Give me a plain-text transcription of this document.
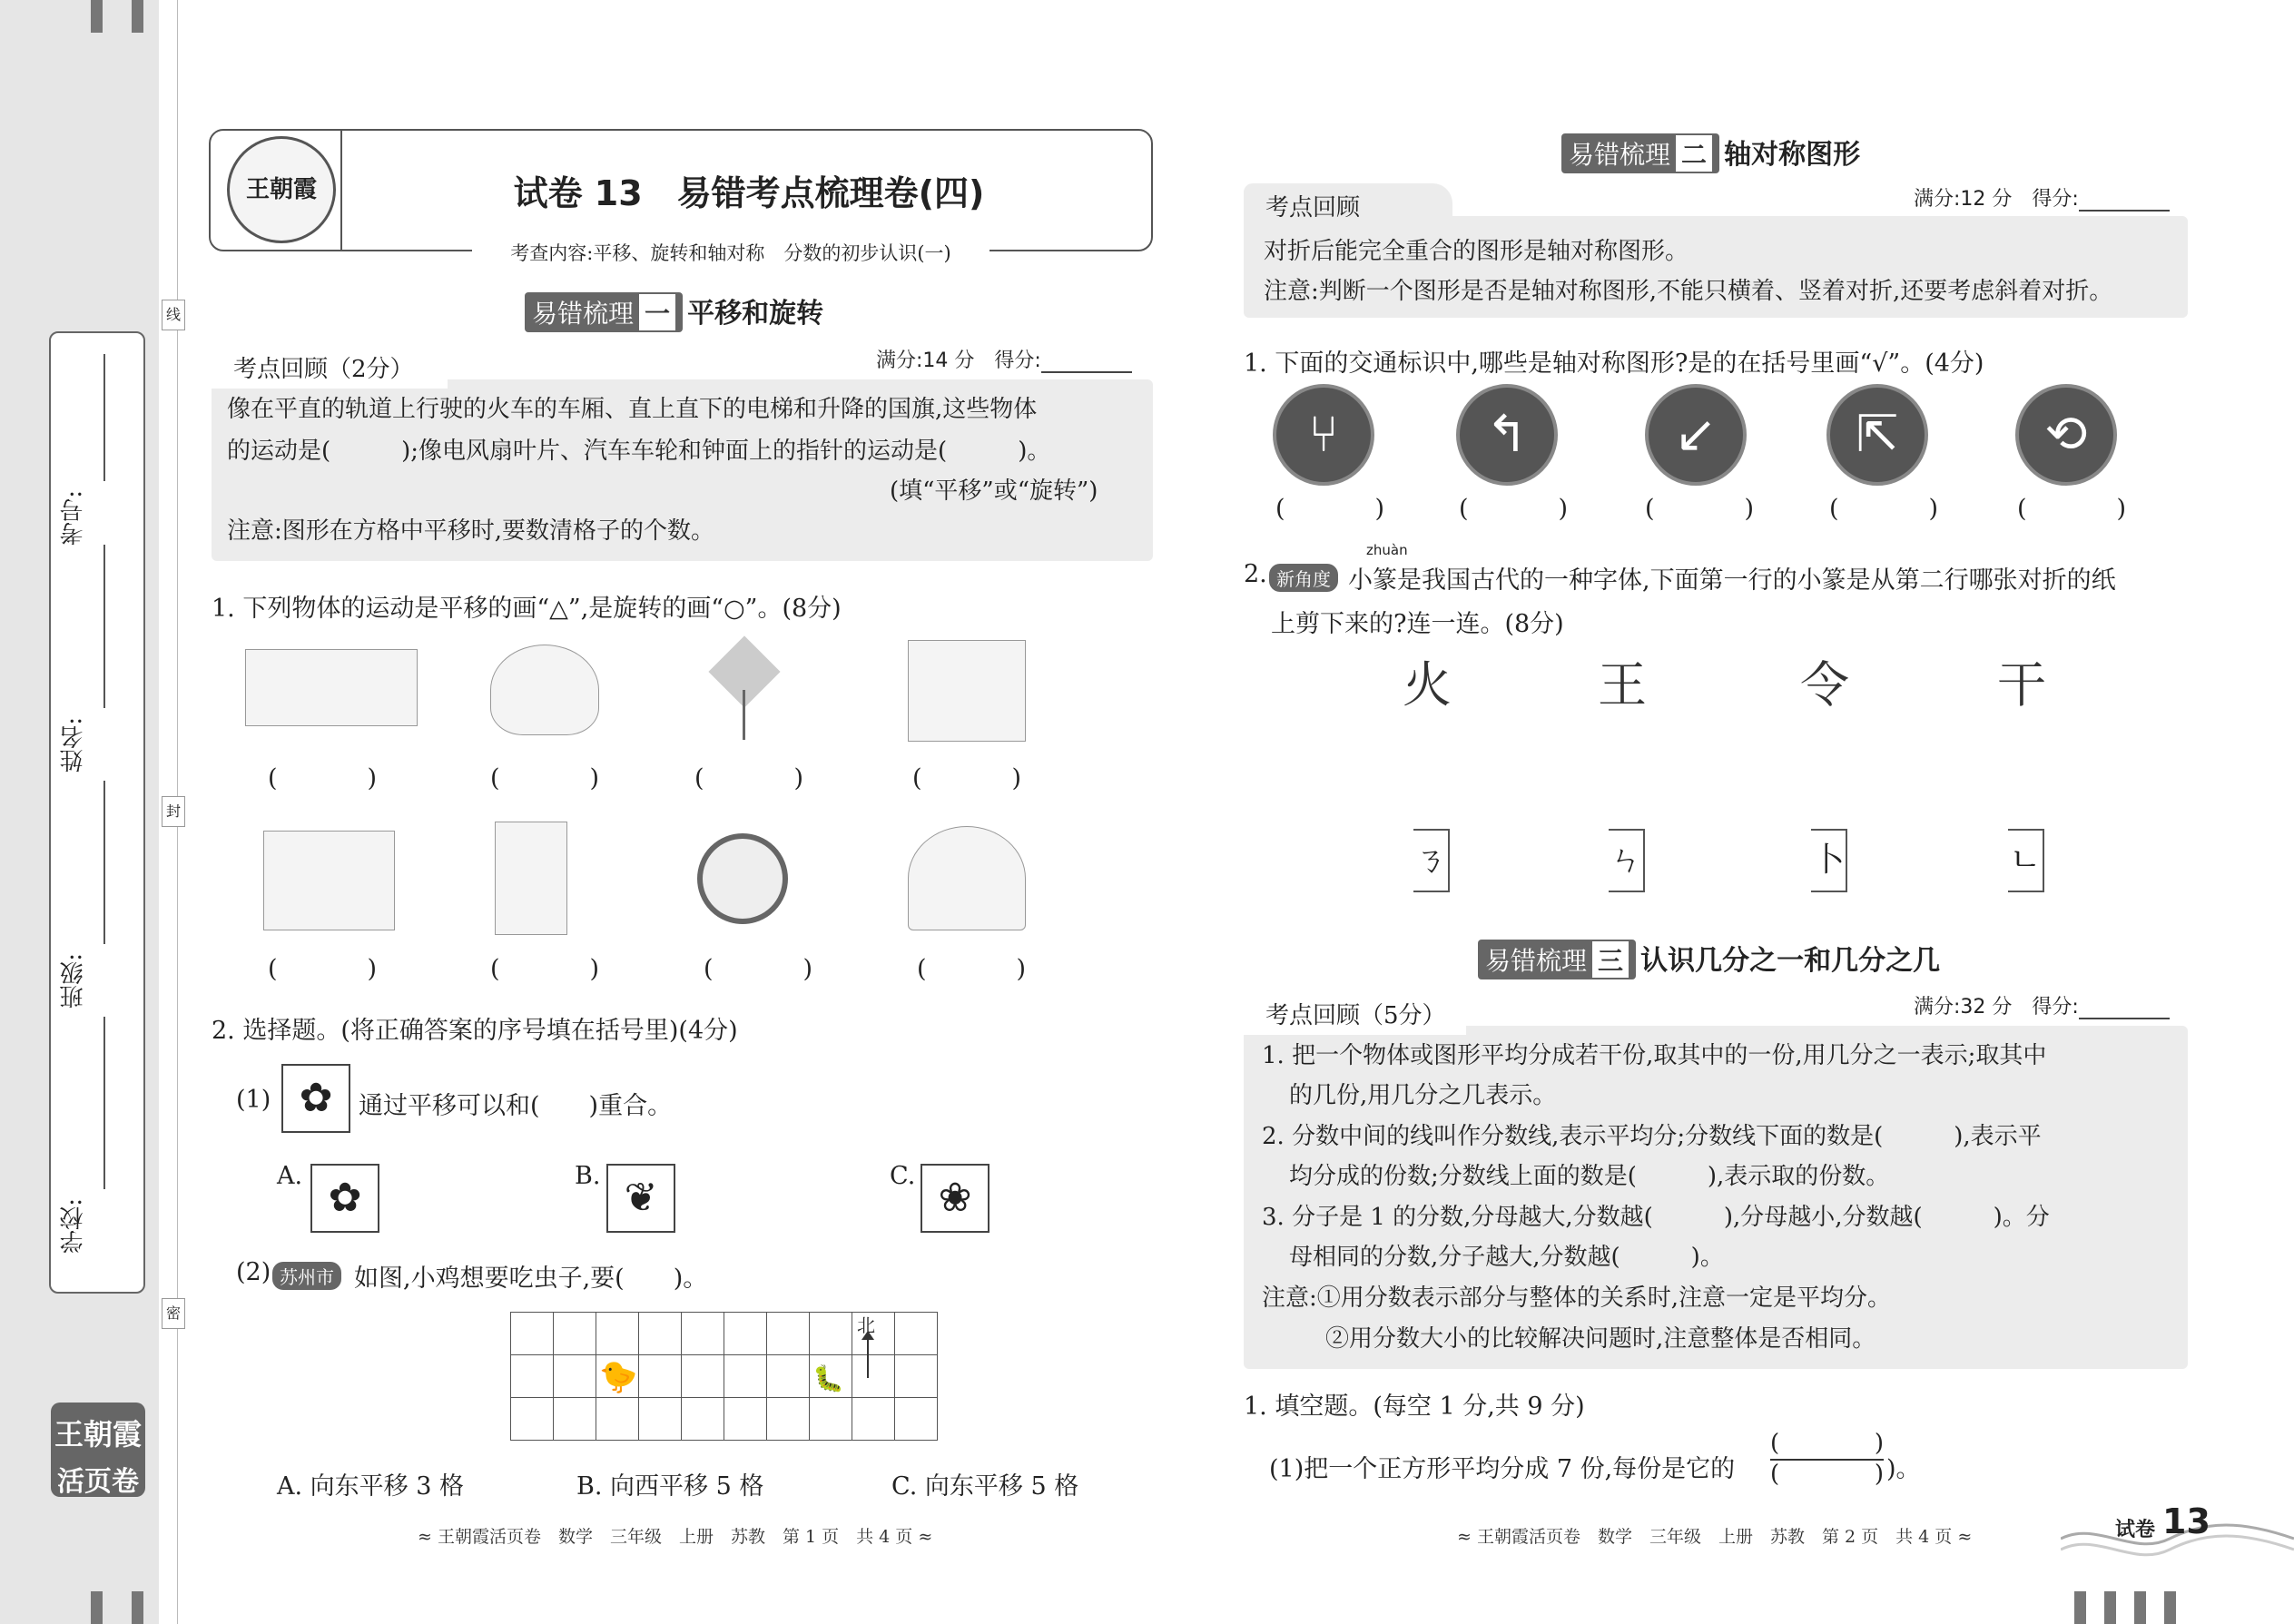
考号:
姓名:
班级:
学校:
线
封
密
王朝霞
活页卷
王朝霞	试卷 13　易错考点梳理卷(四)
考查内容:平移、旋转和轴对称　分数的初步认识(一)
易错梳理 一 平移和旋转
满分:14 分　得分:
考点回顾（2分）
像在平直的轨道上行驶的火车的车厢、直上直下的电梯和升降的国旗,这些物体
的运动是(　　　);像电风扇叶片、汽车车轮和钟面上的指针的运动是(　　　)。
(填“平移”或“旋转”)
注意:图形在方格中平移时,要数清格子的个数。
1. 下列物体的运动是平移的画“△”,是旋转的画“○”。(8分)
(	)	(	)	(	)	(	)
(	)	(	)	(	)	(	)
2. 选择题。(将正确答案的序号填在括号里)(4分)
(1) ✿	通过平移可以和(　　)重合。
A. ✿	B. ❦	C. ❀
(2) 苏州市 如图,小鸡想要吃虫子,要(　　)。

🐤	🐛
北
A. 向东平移 3 格	B. 向西平移 5 格	C. 向东平移 5 格
≈ 王朝霞活页卷　数学　三年级　上册　苏教　第 1 页　共 4 页 ≈
易错梳理 二 轴对称图形
满分:12 分　得分:
考点回顾
对折后能完全重合的图形是轴对称图形。
注意:判断一个图形是否是轴对称图形,不能只横着、竖着对折,还要考虑斜着对折。
1. 下面的交通标识中,哪些是轴对称图形?是的在括号里画“√”。(4分)
⑂	↰	↙	⇱	⟲
(	)	(	)	(	)	(	)	(	)
zhuàn
2. 新角度 小篆是我国古代的一种字体,下面第一行的小篆是从第二行哪张对折的纸
上剪下来的?连一连。(8分)
火	王	令	干
ㄋ	ㄣ	卜	ㄴ
易错梳理 三 认识几分之一和几分之几
满分:32 分　得分:
考点回顾（5分）
1. 把一个物体或图形平均分成若干份,取其中的一份,用几分之一表示;取其中
的几份,用几分之几表示。
2. 分数中间的线叫作分数线,表示平均分;分数线下面的数是(　　　),表示平
均分成的份数;分数线上面的数是(　　　),表示取的份数。
3. 分子是 1 的分数,分母越大,分数越(　　　),分母越小,分数越(　　　)。分
母相同的分数,分子越大,分数越(　　　)。
注意:①用分数表示部分与整体的关系时,注意一定是平均分。
②用分数大小的比较解决问题时,注意整体是否相同。
1. 填空题。(每空 1 分,共 9 分)
(1)把一个正方形平均分成 7 份,每份是它的
(	)
(	) )。
≈ 王朝霞活页卷　数学　三年级　上册　苏教　第 2 页　共 4 页 ≈	试卷 13
